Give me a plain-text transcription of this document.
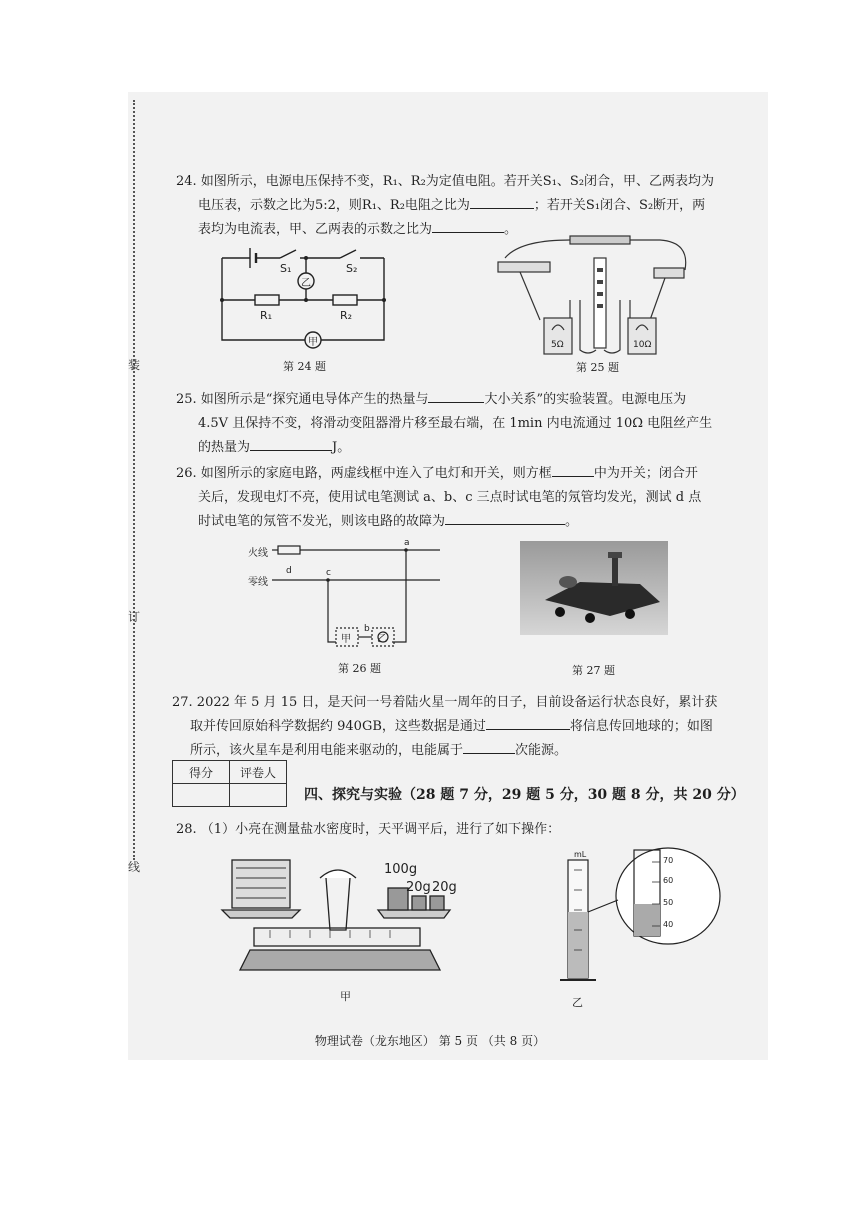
装
订
线
24. 如图所示，电源电压保持不变，R₁、R₂为定值电阻。若开关S₁、S₂闭合，甲、乙两表均为
电压表，示数之比为5:2，则R₁、R₂电阻之比为	；若开关S₁闭合、S₂断开，两
表均为电流表，甲、乙两表的示数之比为	。
S₁	S₂
R₁	R₂
乙
甲
第 24 题
5Ω	10Ω
第 25 题
25. 如图所示是“探究通电导体产生的热量与	大小关系”的实验装置。电源电压为
4.5V 且保持不变，将滑动变阻器滑片移至最右端，在 1min 内电流通过 10Ω 电阻丝产生
的热量为	J。
26. 如图所示的家庭电路，两虚线框中连入了电灯和开关，则方框	中为开关；闭合开
关后，发现电灯不亮，使用试电笔测试 a、b、c 三点时试电笔的氖管均发光，测试 d 点
时试电笔的氖管不发光，则该电路的故障为	。
火线
零线
a
b
c
d
甲	乙
第 26 题	第 27 题
27. 2022 年 5 月 15 日，是天问一号着陆火星一周年的日子，目前设备运行状态良好，累计获
取并传回原始科学数据约 940GB，这些数据是通过	将信息传回地球的；如图
所示，该火星车是利用电能来驱动的，电能属于	次能源。
得分	评卷人

四、探究与实验（28 题 7 分，29 题 5 分，30 题 8 分，共 20 分）
28. （1）小亮在测量盐水密度时，天平调平后，进行了如下操作：
100g
20g 20g
甲
mL
70
60
50
40
乙
物理试卷（龙东地区） 第 5 页 （共 8 页）
